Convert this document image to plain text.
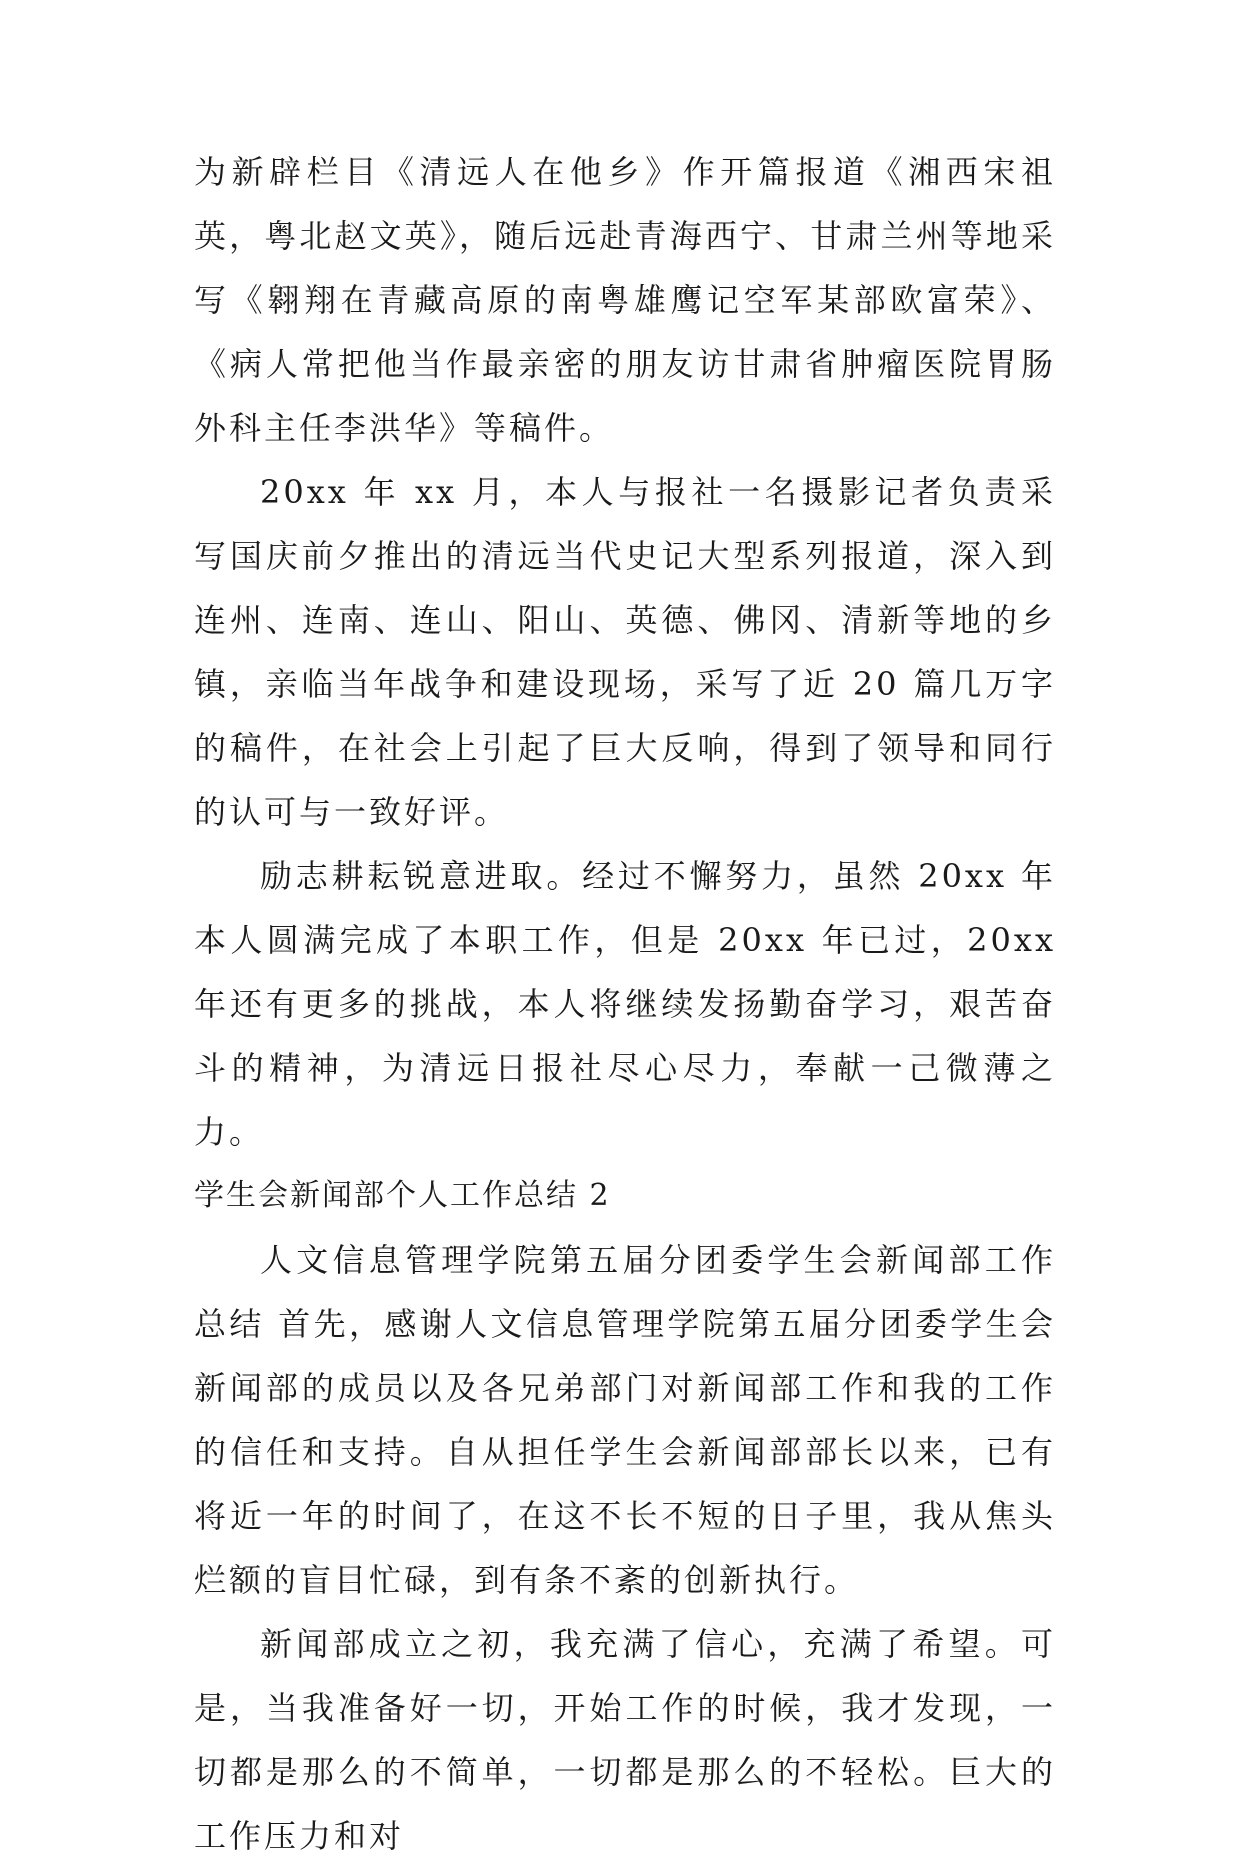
为新辟栏目《清远人在他乡》作开篇报道《湘西宋祖英，粤北赵文英》，随后远赴青海西宁、甘肃兰州等地采写《翱翔在青藏高原的南粤雄鹰记空军某部欧富荣》、《病人常把他当作最亲密的朋友访甘肃省肿瘤医院胃肠外科主任李洪华》等稿件。

20xx 年 xx 月，本人与报社一名摄影记者负责采写国庆前夕推出的清远当代史记大型系列报道，深入到连州、连南、连山、阳山、英德、佛冈、清新等地的乡镇，亲临当年战争和建设现场，采写了近 20 篇几万字的稿件，在社会上引起了巨大反响，得到了领导和同行的认可与一致好评。

励志耕耘锐意进取。经过不懈努力，虽然 20xx 年本人圆满完成了本职工作，但是 20xx 年已过，20xx 年还有更多的挑战，本人将继续发扬勤奋学习，艰苦奋斗的精神，为清远日报社尽心尽力，奉献一己微薄之力。

学生会新闻部个人工作总结 2

人文信息管理学院第五届分团委学生会新闻部工作总结 首先，感谢人文信息管理学院第五届分团委学生会新闻部的成员以及各兄弟部门对新闻部工作和我的工作的信任和支持。自从担任学生会新闻部部长以来，已有将近一年的时间了，在这不长不短的日子里，我从焦头烂额的盲目忙碌，到有条不紊的创新执行。

新闻部成立之初，我充满了信心，充满了希望。可是，当我准备好一切，开始工作的时候，我才发现，一切都是那么的不简单，一切都是那么的不轻松。巨大的工作压力和对
